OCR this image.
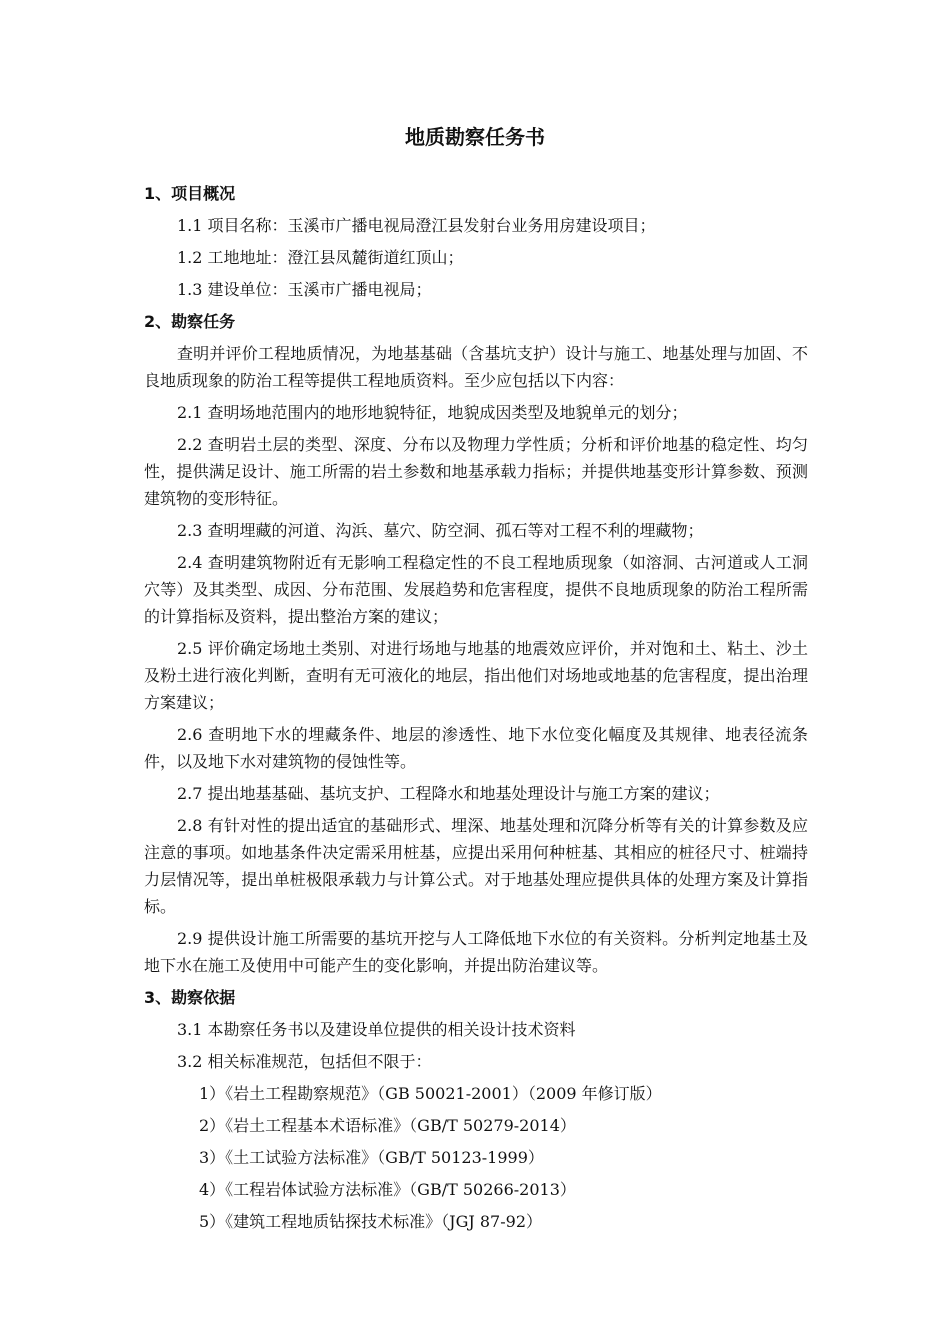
地质勘察任务书
1、项目概况
1.1 项目名称：玉溪市广播电视局澄江县发射台业务用房建设项目；
1.2 工地地址：澄江县凤麓街道红顶山；
1.3 建设单位：玉溪市广播电视局；
2、勘察任务
查明并评价工程地质情况，为地基基础（含基坑支护）设计与施工、地基处理与加固、不良地质现象的防治工程等提供工程地质资料。至少应包括以下内容：
2.1 查明场地范围内的地形地貌特征，地貌成因类型及地貌单元的划分；
2.2 查明岩土层的类型、深度、分布以及物理力学性质；分析和评价地基的稳定性、均匀性，提供满足设计、施工所需的岩土参数和地基承载力指标；并提供地基变形计算参数、预测建筑物的变形特征。
2.3 查明埋藏的河道、沟浜、墓穴、防空洞、孤石等对工程不利的埋藏物；
2.4 查明建筑物附近有无影响工程稳定性的不良工程地质现象（如溶洞、古河道或人工洞穴等）及其类型、成因、分布范围、发展趋势和危害程度，提供不良地质现象的防治工程所需的计算指标及资料，提出整治方案的建议；
2.5 评价确定场地土类别、对进行场地与地基的地震效应评价，并对饱和土、粘土、沙土及粉土进行液化判断，查明有无可液化的地层，指出他们对场地或地基的危害程度，提出治理方案建议；
2.6 查明地下水的埋藏条件、地层的渗透性、地下水位变化幅度及其规律、地表径流条件，以及地下水对建筑物的侵蚀性等。
2.7 提出地基基础、基坑支护、工程降水和地基处理设计与施工方案的建议；
2.8 有针对性的提出适宜的基础形式、埋深、地基处理和沉降分析等有关的计算参数及应注意的事项。如地基条件决定需采用桩基，应提出采用何种桩基、其相应的桩径尺寸、桩端持力层情况等，提出单桩极限承载力与计算公式。对于地基处理应提供具体的处理方案及计算指标。
2.9 提供设计施工所需要的基坑开挖与人工降低地下水位的有关资料。分析判定地基土及地下水在施工及使用中可能产生的变化影响，并提出防治建议等。
3、勘察依据
3.1 本勘察任务书以及建设单位提供的相关设计技术资料
3.2 相关标准规范，包括但不限于：
1）《岩土工程勘察规范》（GB 50021-2001）（2009 年修订版）
2）《岩土工程基本术语标准》（GB/T 50279-2014）
3）《土工试验方法标准》（GB/T 50123-1999）
4）《工程岩体试验方法标准》（GB/T 50266-2013）
5）《建筑工程地质钻探技术标准》（JGJ 87-92）
